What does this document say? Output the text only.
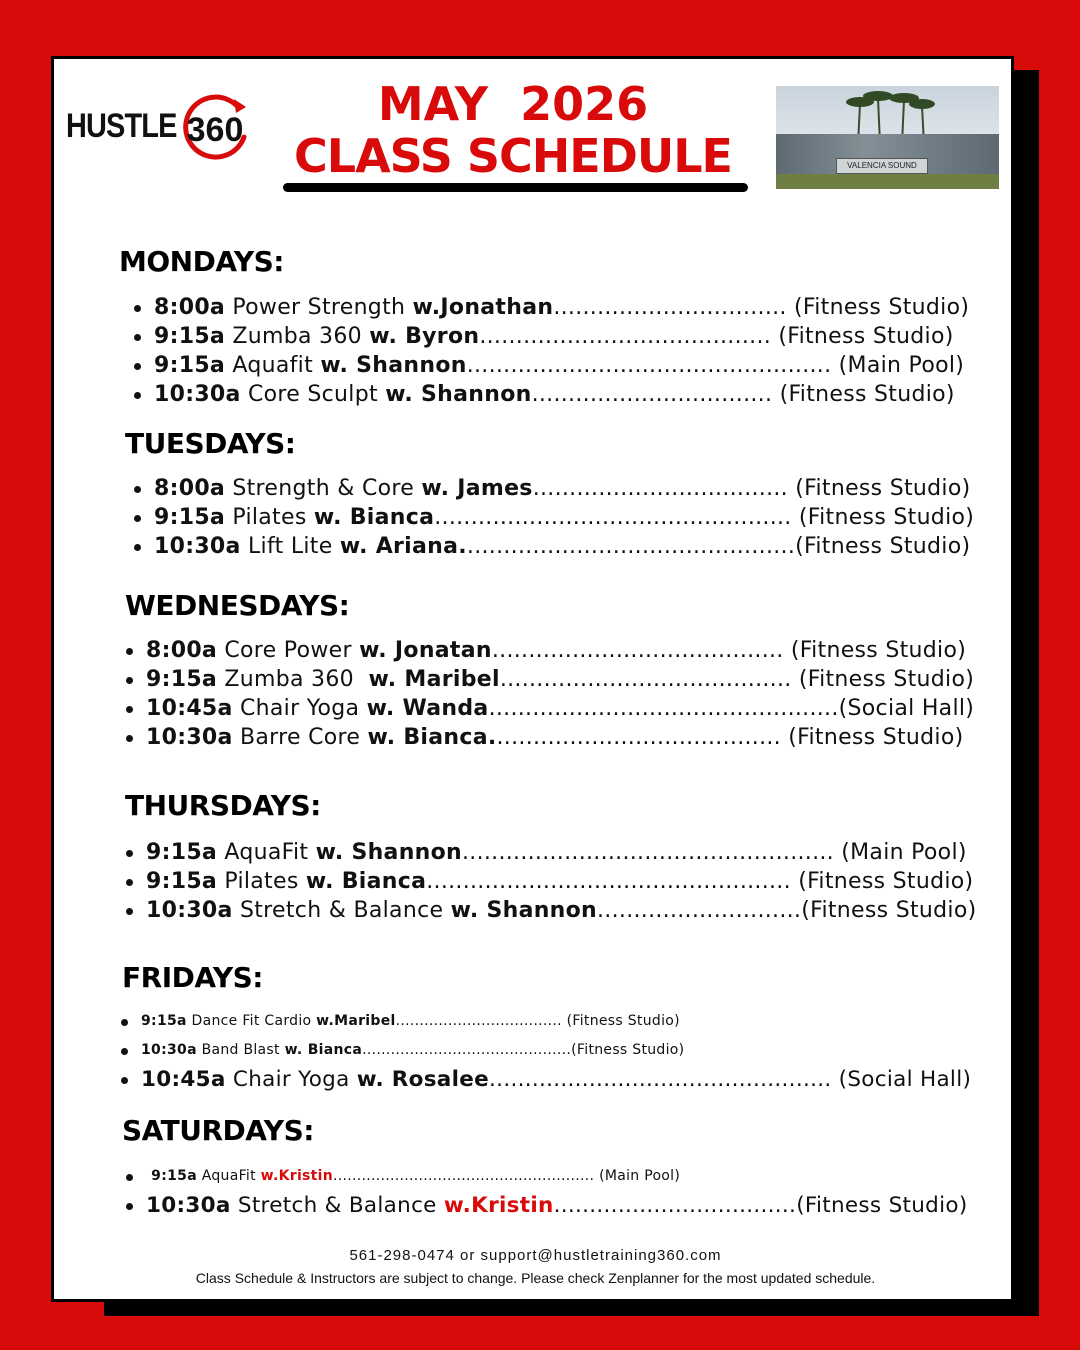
HUSTLE 360	MAY  2026
CLASS SCHEDULE	VALENCIA SOUND
MONDAYS:
8:00a Power Strength w.Jonathan................................ (Fitness Studio)
9:15a Zumba 360 w. Byron........................................ (Fitness Studio)
9:15a Aquafit w. Shannon.................................................. (Main Pool)
10:30a Core Sculpt w. Shannon................................. (Fitness Studio)
TUESDAYS:
8:00a Strength & Core w. James................................... (Fitness Studio)
9:15a Pilates w. Bianca................................................. (Fitness Studio)
10:30a Lift Lite w. Ariana..............................................(Fitness Studio)
WEDNESDAYS:
8:00a Core Power w. Jonatan........................................ (Fitness Studio)
9:15a Zumba 360  w. Maribel........................................ (Fitness Studio)
10:45a Chair Yoga w. Wanda................................................(Social Hall)
10:30a Barre Core w. Bianca........................................ (Fitness Studio)
THURSDAYS:
9:15a AquaFit w. Shannon................................................... (Main Pool)
9:15a Pilates w. Bianca.................................................. (Fitness Studio)
10:30a Stretch & Balance w. Shannon............................(Fitness Studio)
FRIDAYS:
9:15a Dance Fit Cardio w.Maribel................................... (Fitness Studio)
10:30a Band Blast w. Bianca............................................(Fitness Studio)
10:45a Chair Yoga w. Rosalee................................................ (Social Hall)
SATURDAYS:
9:15a AquaFit w.Kristin....................................................... (Main Pool)
10:30a Stretch & Balance w.Kristin..................................(Fitness Studio)
561-298-0474 or support@hustletraining360.com
Class Schedule & Instructors are subject to change. Please check Zenplanner for the most updated schedule.
